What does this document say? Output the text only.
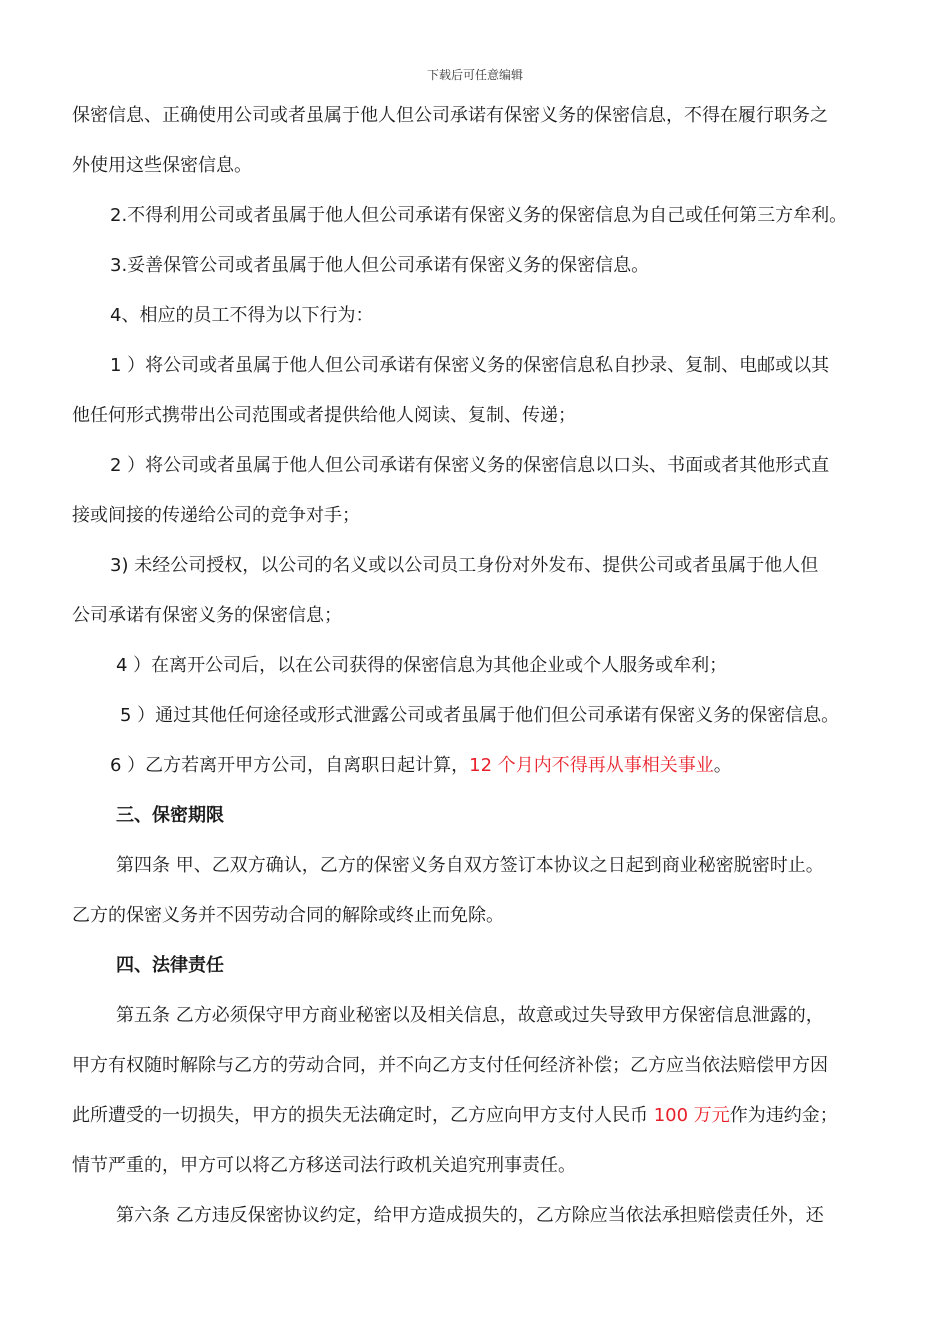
下载后可任意编辑
保密信息、正确使用公司或者虽属于他人但公司承诺有保密义务的保密信息，不得在履行职务之
外使用这些保密信息。
2.不得利用公司或者虽属于他人但公司承诺有保密义务的保密信息为自己或任何第三方牟利。
3.妥善保管公司或者虽属于他人但公司承诺有保密义务的保密信息。
4、相应的员工不得为以下行为：
1 ）将公司或者虽属于他人但公司承诺有保密义务的保密信息私自抄录、复制、电邮或以其
他任何形式携带出公司范围或者提供给他人阅读、复制、传递；
2 ）将公司或者虽属于他人但公司承诺有保密义务的保密信息以口头、书面或者其他形式直
接或间接的传递给公司的竞争对手；
3) 未经公司授权，以公司的名义或以公司员工身份对外发布、提供公司或者虽属于他人但
公司承诺有保密义务的保密信息；
4 ）在离开公司后，以在公司获得的保密信息为其他企业或个人服务或牟利；
5 ）通过其他任何途径或形式泄露公司或者虽属于他们但公司承诺有保密义务的保密信息。
6 ）乙方若离开甲方公司，自离职日起计算，12 个月内不得再从事相关事业。
三、保密期限
第四条 甲、乙双方确认，乙方的保密义务自双方签订本协议之日起到商业秘密脱密时止。
乙方的保密义务并不因劳动合同的解除或终止而免除。
四、法律责任
第五条 乙方必须保守甲方商业秘密以及相关信息，故意或过失导致甲方保密信息泄露的，
甲方有权随时解除与乙方的劳动合同，并不向乙方支付任何经济补偿；乙方应当依法赔偿甲方因
此所遭受的一切损失，甲方的损失无法确定时，乙方应向甲方支付人民币 100 万元作为违约金；
情节严重的，甲方可以将乙方移送司法行政机关追究刑事责任。
第六条 乙方违反保密协议约定，给甲方造成损失的，乙方除应当依法承担赔偿责任外，还
